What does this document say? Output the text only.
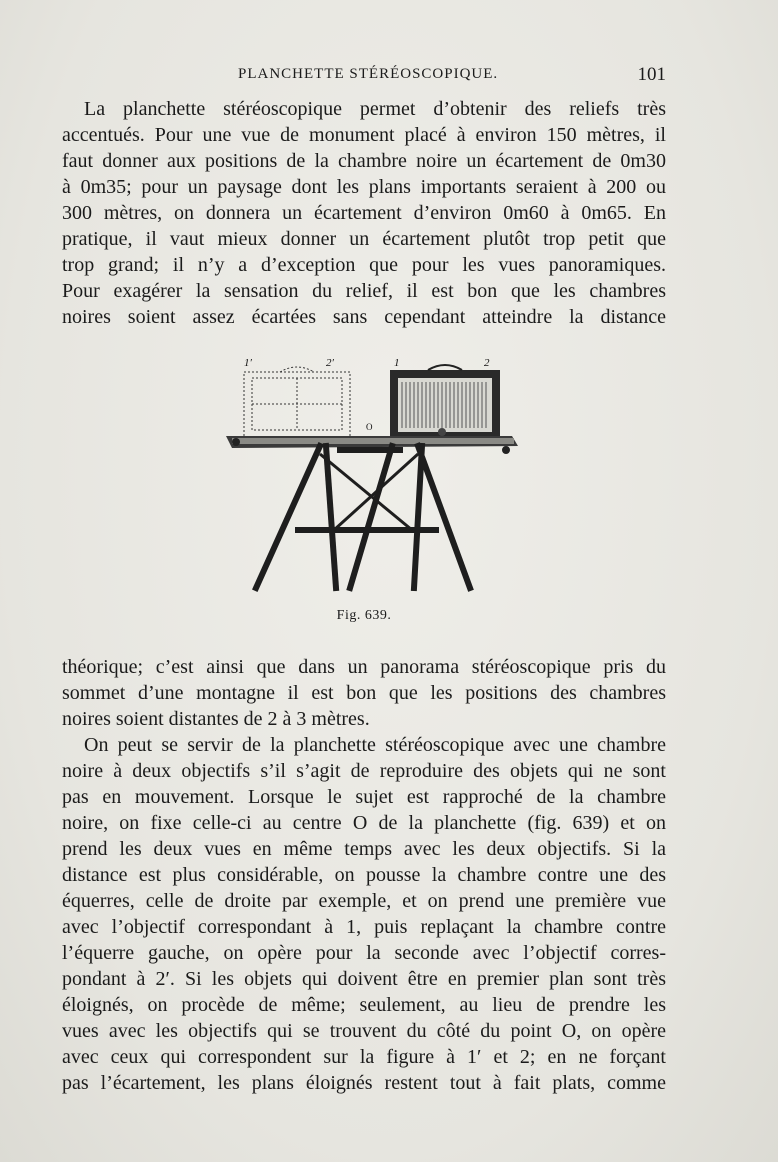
PLANCHETTE STÉRÉOSCOPIQUE.	101
La planchette stéréoscopique permet d’obtenir des reliefs très
accentués. Pour une vue de monument placé à environ 150 mètres, il
faut donner aux positions de la chambre noire un écartement de 0m30
à 0m35; pour un paysage dont les plans importants seraient à 200 ou
300 mètres, on donnera un écartement d’environ 0m60 à 0m65. En
pratique, il vaut mieux donner un écartement plutôt trop petit que
trop grand; il n’y a d’exception que pour les vues panoramiques.
Pour exagérer la sensation du relief, il est bon que les chambres
noires soient assez écartées sans cependant atteindre la distance
1′	2′	1	2
O
Fig. 639.
théorique; c’est ainsi que dans un panorama stéréoscopique pris du
sommet d’une montagne il est bon que les positions des chambres
noires soient distantes de 2 à 3 mètres.
On peut se servir de la planchette stéréoscopique avec une chambre
noire à deux objectifs s’il s’agit de reproduire des objets qui ne sont
pas en mouvement. Lorsque le sujet est rapproché de la chambre
noire, on fixe celle-ci au centre O de la planchette (fig. 639) et on
prend les deux vues en même temps avec les deux objectifs. Si la
distance est plus considérable, on pousse la chambre contre une des
équerres, celle de droite par exemple, et on prend une première vue
avec l’objectif correspondant à 1, puis replaçant la chambre contre
l’équerre gauche, on opère pour la seconde avec l’objectif corres-
pondant à 2′. Si les objets qui doivent être en premier plan sont très
éloignés, on procède de même; seulement, au lieu de prendre les
vues avec les objectifs qui se trouvent du côté du point O, on opère
avec ceux qui correspondent sur la figure à 1′ et 2; en ne forçant
pas l’écartement, les plans éloignés restent tout à fait plats, comme
